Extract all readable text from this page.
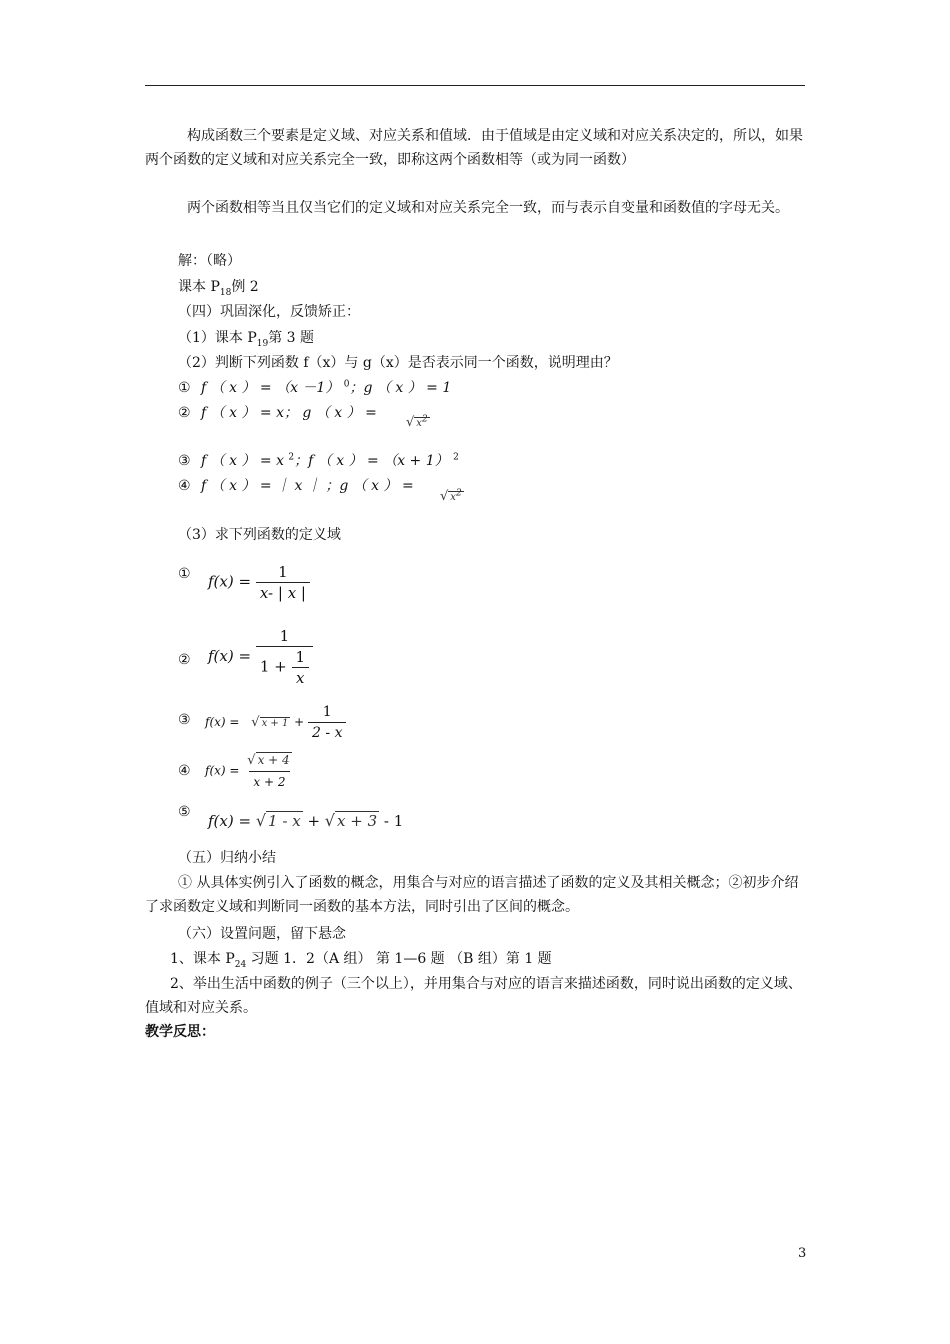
构成函数三个要素是定义域、对应关系和值域．由于值域是由定义域和对应关系决定的，所以，如果两个函数的定义域和对应关系完全一致，即称这两个函数相等（或为同一函数）
两个函数相等当且仅当它们的定义域和对应关系完全一致，而与表示自变量和函数值的字母无关。
解：（略）
课本 $P_{18}$例 2
（四）巩固深化，反馈矫正：
（1）课本 $P_{19}$第 3 题
（2）判断下列函数 f（x）与 g（x）是否表示同一个函数，说明理由？
① f （ x ） = （x －1） $^0$；g （ x ） = 1
② f （ x ） = x； g （ x ） =
√ $x^2$
③ f （ x ） = x $^2$；f （ x ） = （x + 1） $^2$
④ f （ x ） = ｜ x ｜ ；g （ x ） =
√ $x^2$
（3）求下列函数的定义域
① $f(x) = \frac{1}{x- | x |}$
② $f(x) = \frac{1}{1 + \frac{1}{x}}$
③ f(x) = √ $x + 1 + \frac{1}{2 - x}$
④ $f(x) = \frac{√ x + 4}{x + 2}$
⑤ f(x) = √ 1 - x + √ x + 3 - 1
（五）归纳小结
① 从具体实例引入了函数的概念，用集合与对应的语言描述了函数的定义及其相关概念；②初步介绍了求函数定义域和判断同一函数的基本方法，同时引出了区间的概念。
（六）设置问题，留下悬念
1、课本 $P_{24}$ 习题 1．2（A 组） 第 1—6 题 （B 组）第 1 题
2、举出生活中函数的例子（三个以上），并用集合与对应的语言来描述函数，同时说出函数的定义域、值域和对应关系。
教学反思：
3
